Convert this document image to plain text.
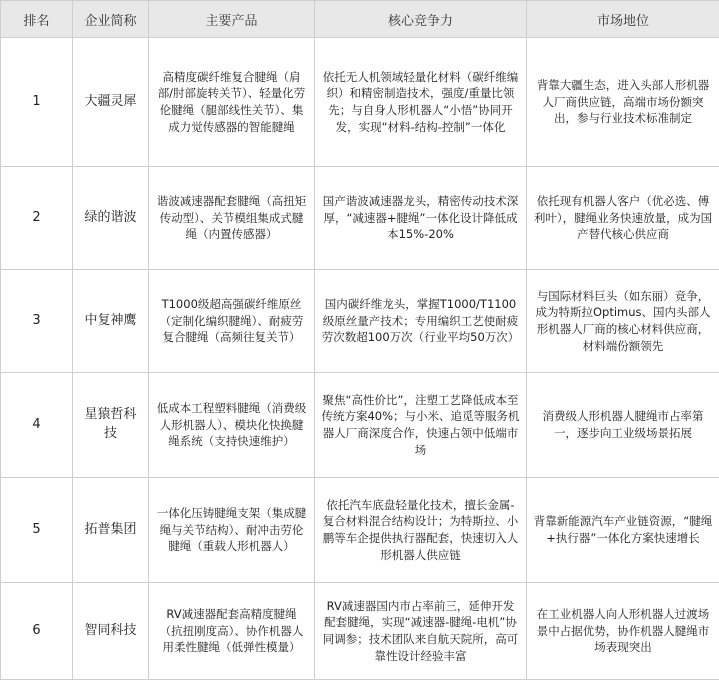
排名	企业简称	主要产品	核心竞争力	市场地位
1	大疆灵犀	高精度碳纤维复合腱绳（肩部/肘部旋转关节）、轻量化劳伦腱绳（腿部线性关节）、集成力觉传感器的智能腱绳	依托无人机领域轻量化材料（碳纤维编织）和精密制造技术，强度/重量比领先；与自身人形机器人“小悟”协同开发，实现“材料-结构-控制”一体化	背靠大疆生态，进入头部人形机器人厂商供应链，高端市场份额突出，参与行业技术标准制定
2	绿的谐波	谐波减速器配套腱绳（高扭矩传动型）、关节模组集成式腱绳（内置传感器）	国产谐波减速器龙头，精密传动技术深厚，“减速器+腱绳”一体化设计降低成本15%-20%	依托现有机器人客户（优必选、傅利叶），腱绳业务快速放量，成为国产替代核心供应商
3	中复神鹰	T1000级超高强碳纤维原丝（定制化编织腱绳）、耐疲劳复合腱绳（高频往复关节）	国内碳纤维龙头，掌握T1000/T1100级原丝量产技术；专用编织工艺使耐疲劳次数超100万次（行业平均50万次）	与国际材料巨头（如东丽）竞争，成为特斯拉Optimus、国内头部人形机器人厂商的核心材料供应商，材料端份额领先
4	星猿哲科技	低成本工程塑料腱绳（消费级人形机器人）、模块化快换腱绳系统（支持快速维护）	聚焦“高性价比”，注塑工艺降低成本至传统方案40%；与小米、追觅等服务机器人厂商深度合作，快速占领中低端市场	消费级人形机器人腱绳市占率第一，逐步向工业级场景拓展
5	拓普集团	一体化压铸腱绳支架（集成腱绳与关节结构）、耐冲击劳伦腱绳（重载人形机器人）	依托汽车底盘轻量化技术，擅长金属-复合材料混合结构设计；为特斯拉、小鹏等车企提供执行器配套，快速切入人形机器人供应链	背靠新能源汽车产业链资源，“腱绳+执行器”一体化方案快速增长
6	智同科技	RV减速器配套高精度腱绳（抗扭刚度高）、协作机器人用柔性腱绳（低弹性模量）	RV减速器国内市占率前三，延伸开发配套腱绳，实现“减速器-腱绳-电机”协同调参；技术团队来自航天院所，高可靠性设计经验丰富	在工业机器人向人形机器人过渡场景中占据优势，协作机器人腱绳市场表现突出
